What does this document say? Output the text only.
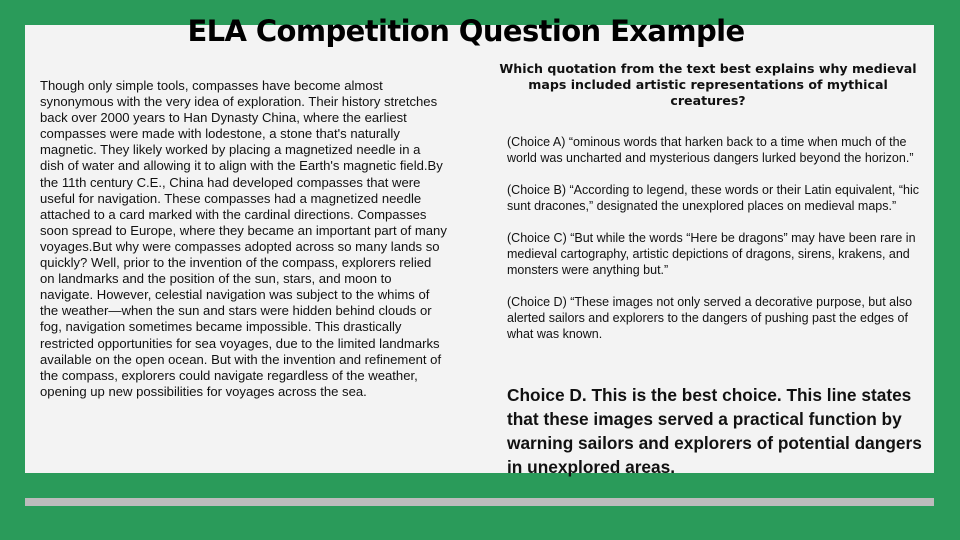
ELA Competition Question Example
Though only simple tools, compasses have become almost synonymous with the very idea of exploration. Their history stretches back over 2000 years to Han Dynasty China, where the earliest compasses were made with lodestone, a stone that's naturally magnetic. They likely worked by placing a magnetized needle in a dish of water and allowing it to align with the Earth's magnetic field.By the 11th century C.E., China had developed compasses that were useful for navigation. These compasses had a magnetized needle attached to a card marked with the cardinal directions. Compasses soon spread to Europe, where they became an important part of many voyages.But why were compasses adopted across so many lands so quickly? Well, prior to the invention of the compass, explorers relied on landmarks and the position of the sun, stars, and moon to navigate. However, celestial navigation was subject to the whims of the weather—when the sun and stars were hidden behind clouds or fog, navigation sometimes became impossible. This drastically restricted opportunities for sea voyages, due to the limited landmarks available on the open ocean. But with the invention and refinement of the compass, explorers could navigate regardless of the weather, opening up new possibilities for voyages across the sea.
Which quotation from the text best explains why medieval maps included artistic representations of mythical creatures?

(Choice A) “ominous words that harken back to a time when much of the world was uncharted and mysterious dangers lurked beyond the horizon.”

(Choice B) “According to legend, these words or their Latin equivalent, “hic sunt dracones,” designated the unexplored places on medieval maps.”

(Choice C) “But while the words “Here be dragons” may have been rare in medieval cartography, artistic depictions of dragons, sirens, krakens, and monsters were anything but.”

(Choice D) “These images not only served a decorative purpose, but also alerted sailors and explorers to the dangers of pushing past the edges of what was known.

Choice D. This is the best choice. This line states that these images served a practical function by warning sailors and explorers of potential dangers in unexplored areas.
